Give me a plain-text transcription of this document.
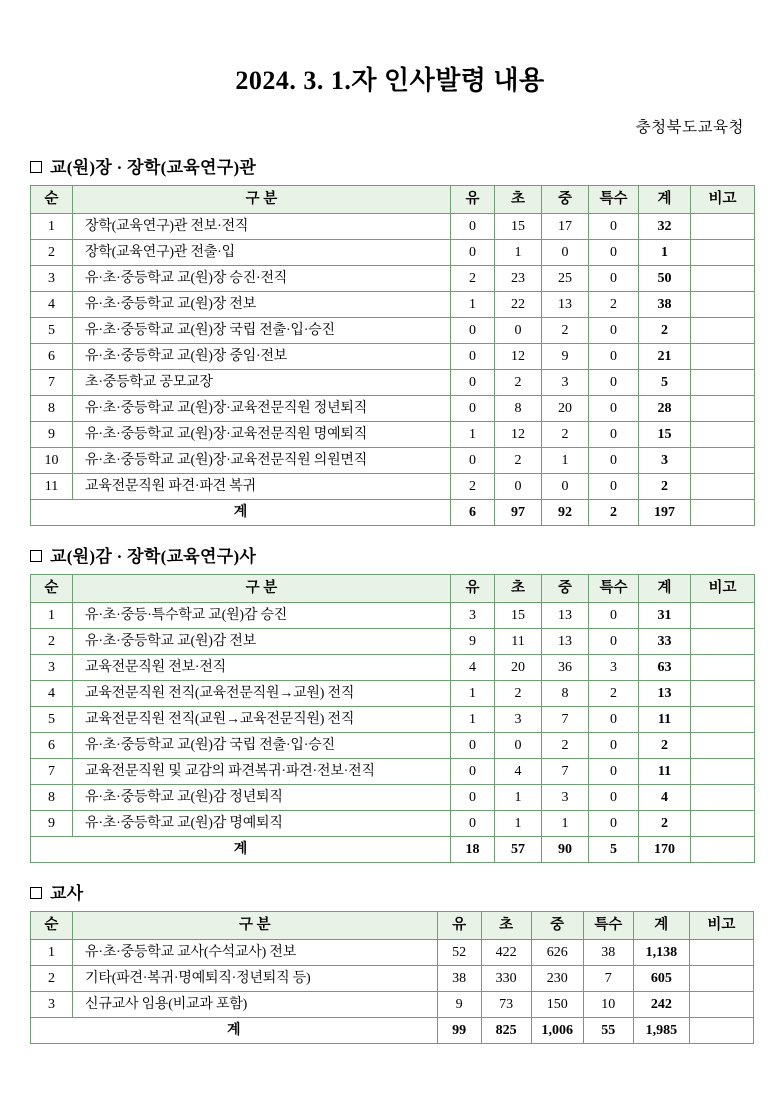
2024. 3. 1.자 인사발령 내용
충청북도교육청
교(원)장 · 장학(교육연구)관
순	구 분	유	초	중	특수	계	비고
1	장학(교육연구)관 전보·전직	0	15	17	0	32	
2	장학(교육연구)관 전출·입	0	1	0	0	1	
3	유·초·중등학교 교(원)장 승진·전직	2	23	25	0	50	
4	유·초·중등학교 교(원)장 전보	1	22	13	2	38	
5	유·초·중등학교 교(원)장 국립 전출·입·승진	0	0	2	0	2	
6	유·초·중등학교 교(원)장 중임·전보	0	12	9	0	21	
7	초·중등학교 공모교장	0	2	3	0	5	
8	유·초·중등학교 교(원)장·교육전문직원 정년퇴직	0	8	20	0	28	
9	유·초·중등학교 교(원)장·교육전문직원 명예퇴직	1	12	2	0	15	
10	유·초·중등학교 교(원)장·교육전문직원 의원면직	0	2	1	0	3	
11	교육전문직원 파견·파견 복귀	2	0	0	0	2	
계		6	97	92	2	197	
교(원)감 · 장학(교육연구)사
순	구 분	유	초	중	특수	계	비고
1	유·초·중등·특수학교 교(원)감 승진	3	15	13	0	31	
2	유·초·중등학교 교(원)감 전보	9	11	13	0	33	
3	교육전문직원 전보·전직	4	20	36	3	63	
4	교육전문직원 전직(교육전문직원→교원) 전직	1	2	8	2	13	
5	교육전문직원 전직(교원→교육전문직원) 전직	1	3	7	0	11	
6	유·초·중등학교 교(원)감 국립 전출·입·승진	0	0	2	0	2	
7	교육전문직원 및 교감의 파견복귀·파견·전보·전직	0	4	7	0	11	
8	유·초·중등학교 교(원)감 정년퇴직	0	1	3	0	4	
9	유·초·중등학교 교(원)감 명예퇴직	0	1	1	0	2	
계		18	57	90	5	170	
교사
순	구 분	유	초	중	특수	계	비고
1	유·초·중등학교 교사(수석교사) 전보	52	422	626	38	1,138	
2	기타(파견·복귀·명예퇴직·정년퇴직 등)	38	330	230	7	605	
3	신규교사 임용(비교과 포함)	9	73	150	10	242	
계		99	825	1,006	55	1,985	
